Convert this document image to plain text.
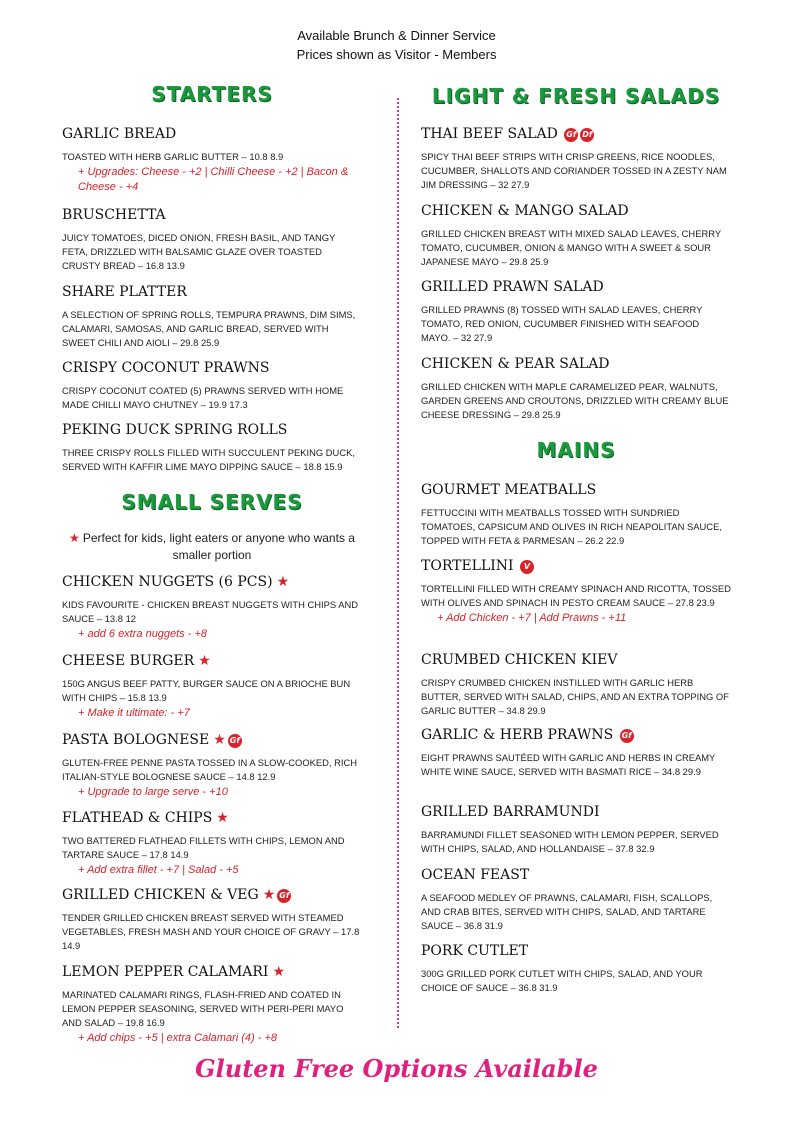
Available Brunch & Dinner Service
Prices shown as Visitor - Members
STARTERS
GARLIC BREAD
TOASTED WITH HERB GARLIC BUTTER – 10.8 8.9
+ Upgrades: Cheese - +2 | Chilli Cheese - +2 | Bacon & Cheese - +4
BRUSCHETTA
JUICY TOMATOES, DICED ONION, FRESH BASIL, AND TANGY FETA, DRIZZLED WITH BALSAMIC GLAZE OVER TOASTED CRUSTY BREAD – 16.8 13.9
SHARE PLATTER
A SELECTION OF SPRING ROLLS, TEMPURA PRAWNS, DIM SIMS, CALAMARI, SAMOSAS, AND GARLIC BREAD, SERVED WITH SWEET CHILI AND AIOLI – 29.8 25.9
CRISPY COCONUT PRAWNS
CRISPY COCONUT COATED (5) PRAWNS SERVED WITH HOME MADE CHILLI MAYO CHUTNEY – 19.9 17.3
PEKING DUCK SPRING ROLLS
THREE CRISPY ROLLS FILLED WITH SUCCULENT PEKING DUCK, SERVED WITH KAFFIR LIME MAYO DIPPING SAUCE – 18.8 15.9
SMALL SERVES
★ Perfect for kids, light eaters or anyone who wants a smaller portion
CHICKEN NUGGETS (6 PCS) ★
KIDS FAVOURITE - CHICKEN BREAST NUGGETS WITH CHIPS AND SAUCE – 13.8 12
+ add 6 extra nuggets - +8
CHEESE BURGER ★
150G ANGUS BEEF PATTY, BURGER SAUCE ON A BRIOCHE BUN WITH CHIPS – 15.8 13.9
+ Make it ultimate: - +7
PASTA BOLOGNESE ★ Gf
GLUTEN-FREE PENNE PASTA TOSSED IN A SLOW-COOKED, RICH ITALIAN-STYLE BOLOGNESE SAUCE – 14.8 12.9
+ Upgrade to large serve - +10
FLATHEAD & CHIPS ★
TWO BATTERED FLATHEAD FILLETS WITH CHIPS, LEMON AND TARTARE SAUCE – 17.8 14.9
+ Add extra fillet - +7 | Salad - +5
GRILLED CHICKEN & VEG ★ Gf
TENDER GRILLED CHICKEN BREAST SERVED WITH STEAMED VEGETABLES, FRESH MASH AND YOUR CHOICE OF GRAVY – 17.8 14.9
LEMON PEPPER CALAMARI ★
MARINATED CALAMARI RINGS, FLASH-FRIED AND COATED IN LEMON PEPPER SEASONING, SERVED WITH PERI-PERI MAYO AND SALAD – 19.8 16.9
+ Add chips - +5 | extra Calamari (4) - +8
LIGHT & FRESH SALADS
THAI BEEF SALAD Gf Df
SPICY THAI BEEF STRIPS WITH CRISP GREENS, RICE NOODLES, CUCUMBER, SHALLOTS AND CORIANDER TOSSED IN A ZESTY NAM JIM DRESSING – 32 27.9
CHICKEN & MANGO SALAD
GRILLED CHICKEN BREAST WITH MIXED SALAD LEAVES, CHERRY TOMATO, CUCUMBER, ONION & MANGO WITH A SWEET & SOUR JAPANESE MAYO – 29.8 25.9
GRILLED PRAWN SALAD
GRILLED PRAWNS (8) TOSSED WITH SALAD LEAVES, CHERRY TOMATO, RED ONION, CUCUMBER FINISHED WITH SEAFOOD MAYO. – 32 27.9
CHICKEN & PEAR SALAD
GRILLED CHICKEN WITH MAPLE CARAMELIZED PEAR, WALNUTS, GARDEN GREENS AND CROUTONS, DRIZZLED WITH CREAMY BLUE CHEESE DRESSING – 29.8 25.9
MAINS
GOURMET MEATBALLS
FETTUCCINI WITH MEATBALLS TOSSED WITH SUNDRIED TOMATOES, CAPSICUM AND OLIVES IN RICH NEAPOLITAN SAUCE, TOPPED WITH FETA & PARMESAN – 26.2 22.9
TORTELLINI V
TORTELLINI FILLED WITH CREAMY SPINACH AND RICOTTA, TOSSED WITH OLIVES AND SPINACH IN PESTO CREAM SAUCE – 27.8 23.9
+ Add Chicken - +7 | Add Prawns - +11
CRUMBED CHICKEN KIEV
CRISPY CRUMBED CHICKEN INSTILLED WITH GARLIC HERB BUTTER, SERVED WITH SALAD, CHIPS, AND AN EXTRA TOPPING OF GARLIC BUTTER – 34.8 29.9
GARLIC & HERB PRAWNS Gf
EIGHT PRAWNS SAUTÉED WITH GARLIC AND HERBS IN CREAMY WHITE WINE SAUCE, SERVED WITH BASMATI RICE – 34.8 29.9
GRILLED BARRAMUNDI
BARRAMUNDI FILLET SEASONED WITH LEMON PEPPER, SERVED WITH CHIPS, SALAD, AND HOLLANDAISE – 37.8 32.9
OCEAN FEAST
A SEAFOOD MEDLEY OF PRAWNS, CALAMARI, FISH, SCALLOPS, AND CRAB BITES, SERVED WITH CHIPS, SALAD, AND TARTARE SAUCE – 36.8 31.9
PORK CUTLET
300G GRILLED PORK CUTLET WITH CHIPS, SALAD, AND YOUR CHOICE OF SAUCE – 36.8 31.9
Gluten Free Options Available
